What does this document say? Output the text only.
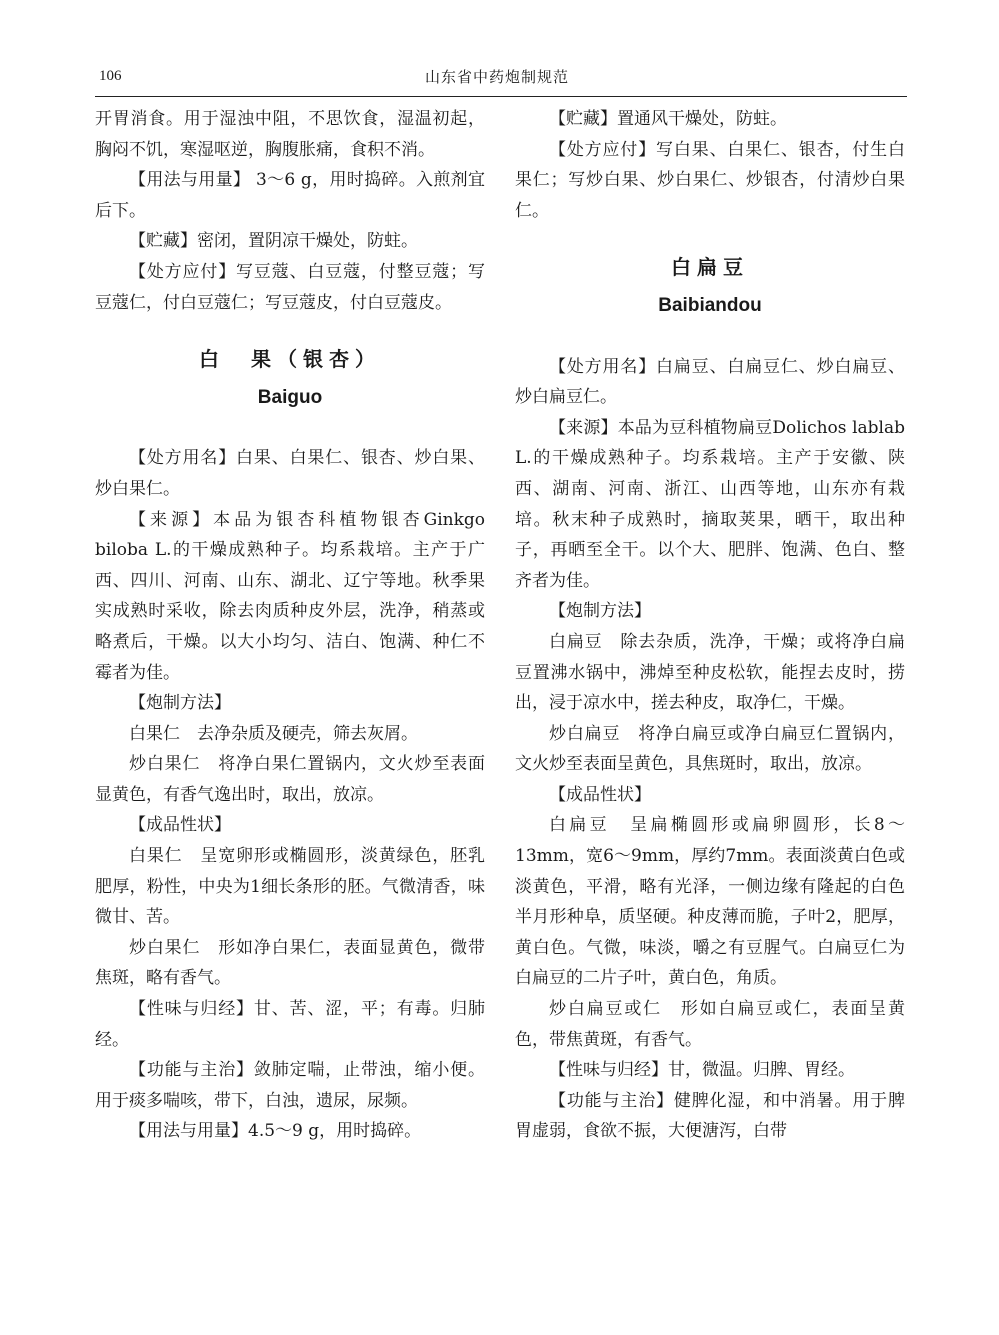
106	山东省中药炮制规范

开胃消食。用于湿浊中阻，不思饮食，湿温初起，胸闷不饥，寒湿呕逆，胸腹胀痛，食积不消。

【用法与用量】 3～6 g，用时捣碎。入煎剂宜后下。

【贮藏】密闭，置阴凉干燥处，防蛀。

【处方应付】写豆蔻、白豆蔻，付整豆蔻；写豆蔻仁，付白豆蔻仁；写豆蔻皮，付白豆蔻皮。

白　果（银杏）

Baiguo

【处方用名】白果、白果仁、银杏、炒白果、炒白果仁。

【来源】本品为银杏科植物银杏Ginkgo biloba L.的干燥成熟种子。均系栽培。主产于广西、四川、河南、山东、湖北、辽宁等地。秋季果实成熟时采收，除去肉质种皮外层，洗净，稍蒸或略煮后，干燥。以大小均匀、洁白、饱满、种仁不霉者为佳。

【炮制方法】

白果仁　去净杂质及硬壳，筛去灰屑。

炒白果仁　将净白果仁置锅内，文火炒至表面显黄色，有香气逸出时，取出，放凉。

【成品性状】

白果仁　呈宽卵形或椭圆形，淡黄绿色，胚乳肥厚，粉性，中央为1细长条形的胚。气微清香，味微甘、苦。

炒白果仁　形如净白果仁，表面显黄色，微带焦斑，略有香气。

【性味与归经】甘、苦、涩，平；有毒。归肺经。

【功能与主治】敛肺定喘，止带浊，缩小便。用于痰多喘咳，带下，白浊，遗尿，尿频。

【用法与用量】4.5～9 g，用时捣碎。

【贮藏】置通风干燥处，防蛀。

【处方应付】写白果、白果仁、银杏，付生白果仁；写炒白果、炒白果仁、炒银杏，付清炒白果仁。

白扁豆

Baibiandou

【处方用名】白扁豆、白扁豆仁、炒白扁豆、炒白扁豆仁。

【来源】本品为豆科植物扁豆Dolichos lablab L.的干燥成熟种子。均系栽培。主产于安徽、陕西、湖南、河南、浙江、山西等地，山东亦有栽培。秋末种子成熟时，摘取荚果，晒干，取出种子，再晒至全干。以个大、肥胖、饱满、色白、整齐者为佳。

【炮制方法】

白扁豆　除去杂质，洗净，干燥；或将净白扁豆置沸水锅中，沸焯至种皮松软，能捏去皮时，捞出，浸于凉水中，搓去种皮，取净仁，干燥。

炒白扁豆　将净白扁豆或净白扁豆仁置锅内，文火炒至表面呈黄色，具焦斑时，取出，放凉。

【成品性状】

白扁豆　呈扁椭圆形或扁卵圆形，长8～13mm，宽6～9mm，厚约7mm。表面淡黄白色或淡黄色，平滑，略有光泽，一侧边缘有隆起的白色半月形种阜，质坚硬。种皮薄而脆，子叶2，肥厚，黄白色。气微，味淡，嚼之有豆腥气。白扁豆仁为白扁豆的二片子叶，黄白色，角质。

炒白扁豆或仁　形如白扁豆或仁，表面呈黄色，带焦黄斑，有香气。

【性味与归经】甘，微温。归脾、胃经。

【功能与主治】健脾化湿，和中消暑。用于脾胃虚弱，食欲不振，大便溏泻，白带
